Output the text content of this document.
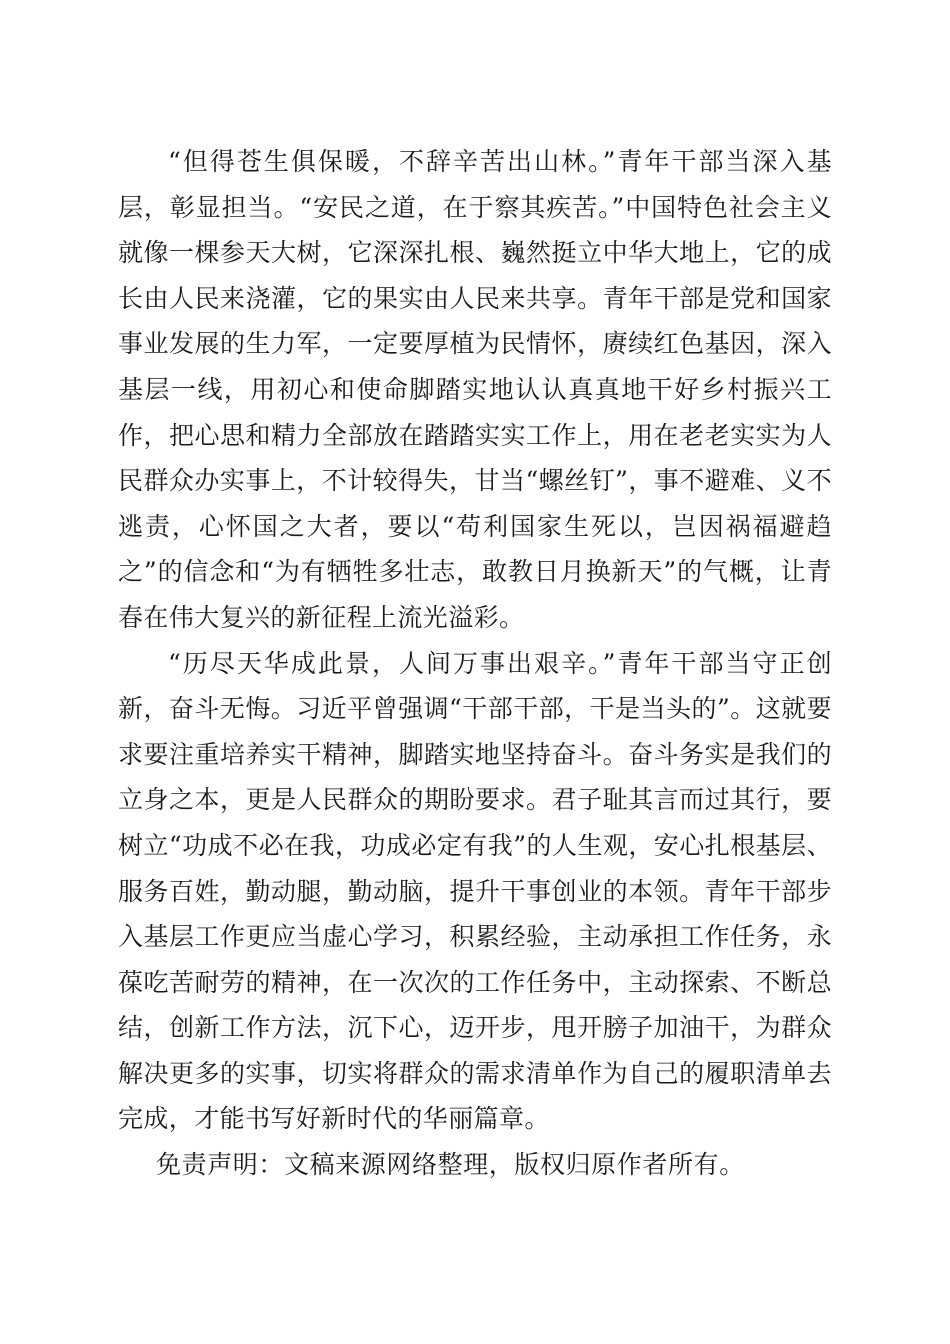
“但得苍生俱保暖，不辞辛苦出山林。”青年干部当深入基层，彰显担当。“安民之道，在于察其疾苦。”中国特色社会主义就像一棵参天大树，它深深扎根、巍然挺立中华大地上，它的成长由人民来浇灌，它的果实由人民来共享。青年干部是党和国家事业发展的生力军，一定要厚植为民情怀，赓续红色基因，深入基层一线，用初心和使命脚踏实地认认真真地干好乡村振兴工作，把心思和精力全部放在踏踏实实工作上，用在老老实实为人民群众办实事上，不计较得失，甘当“螺丝钉”，事不避难、义不逃责，心怀国之大者，要以“苟利国家生死以，岂因祸福避趋之”的信念和“为有牺牲多壮志，敢教日月换新天”的气概，让青春在伟大复兴的新征程上流光溢彩。

“历尽天华成此景，人间万事出艰辛。”青年干部当守正创新，奋斗无悔。习近平曾强调“干部干部，干是当头的”。这就要求要注重培养实干精神，脚踏实地坚持奋斗。奋斗务实是我们的立身之本，更是人民群众的期盼要求。君子耻其言而过其行，要树立“功成不必在我，功成必定有我”的人生观，安心扎根基层、服务百姓，勤动腿，勤动脑，提升干事创业的本领。青年干部步入基层工作更应当虚心学习，积累经验，主动承担工作任务，永葆吃苦耐劳的精神，在一次次的工作任务中，主动探索、不断总结，创新工作方法，沉下心，迈开步，甩开膀子加油干，为群众解决更多的实事，切实将群众的需求清单作为自己的履职清单去完成，才能书写好新时代的华丽篇章。

免责声明：文稿来源网络整理，版权归原作者所有。
